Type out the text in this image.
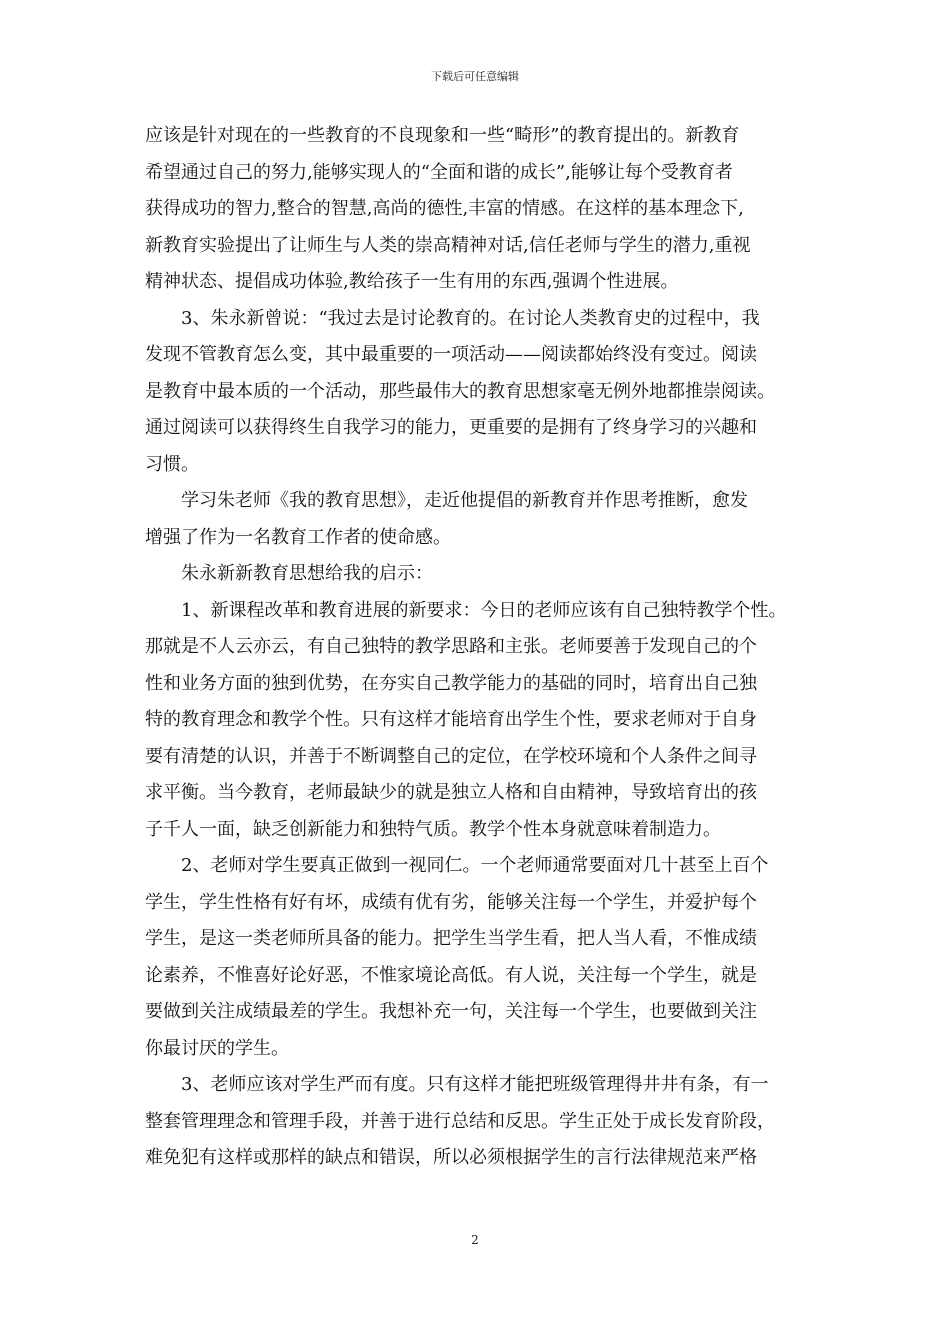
下载后可任意编辑
应该是针对现在的一些教育的不良现象和一些“畸形”的教育提出的。新教育
希望通过自己的努力,能够实现人的“全面和谐的成长”,能够让每个受教育者
获得成功的智力,整合的智慧,高尚的德性,丰富的情感。在这样的基本理念下,
新教育实验提出了让师生与人类的崇高精神对话,信任老师与学生的潜力,重视
精神状态、提倡成功体验,教给孩子一生有用的东西,强调个性进展。
3、朱永新曾说：“我过去是讨论教育的。在讨论人类教育史的过程中，我
发现不管教育怎么变，其中最重要的一项活动——阅读都始终没有变过。阅读
是教育中最本质的一个活动，那些最伟大的教育思想家毫无例外地都推崇阅读。
通过阅读可以获得终生自我学习的能力，更重要的是拥有了终身学习的兴趣和
习惯。
学习朱老师《我的教育思想》，走近他提倡的新教育并作思考推断，愈发
增强了作为一名教育工作者的使命感。
朱永新新教育思想给我的启示：
1、新课程改革和教育进展的新要求：今日的老师应该有自己独特教学个性。
那就是不人云亦云，有自己独特的教学思路和主张。老师要善于发现自己的个
性和业务方面的独到优势，在夯实自己教学能力的基础的同时，培育出自己独
特的教育理念和教学个性。只有这样才能培育出学生个性，要求老师对于自身
要有清楚的认识，并善于不断调整自己的定位，在学校环境和个人条件之间寻
求平衡。当今教育，老师最缺少的就是独立人格和自由精神，导致培育出的孩
子千人一面，缺乏创新能力和独特气质。教学个性本身就意味着制造力。
2、老师对学生要真正做到一视同仁。一个老师通常要面对几十甚至上百个
学生，学生性格有好有坏，成绩有优有劣，能够关注每一个学生，并爱护每个
学生，是这一类老师所具备的能力。把学生当学生看，把人当人看，不惟成绩
论素养，不惟喜好论好恶，不惟家境论高低。有人说，关注每一个学生，就是
要做到关注成绩最差的学生。我想补充一句，关注每一个学生，也要做到关注
你最讨厌的学生。
3、老师应该对学生严而有度。只有这样才能把班级管理得井井有条，有一
整套管理理念和管理手段，并善于进行总结和反思。学生正处于成长发育阶段，
难免犯有这样或那样的缺点和错误，所以必须根据学生的言行法律规范来严格
2
